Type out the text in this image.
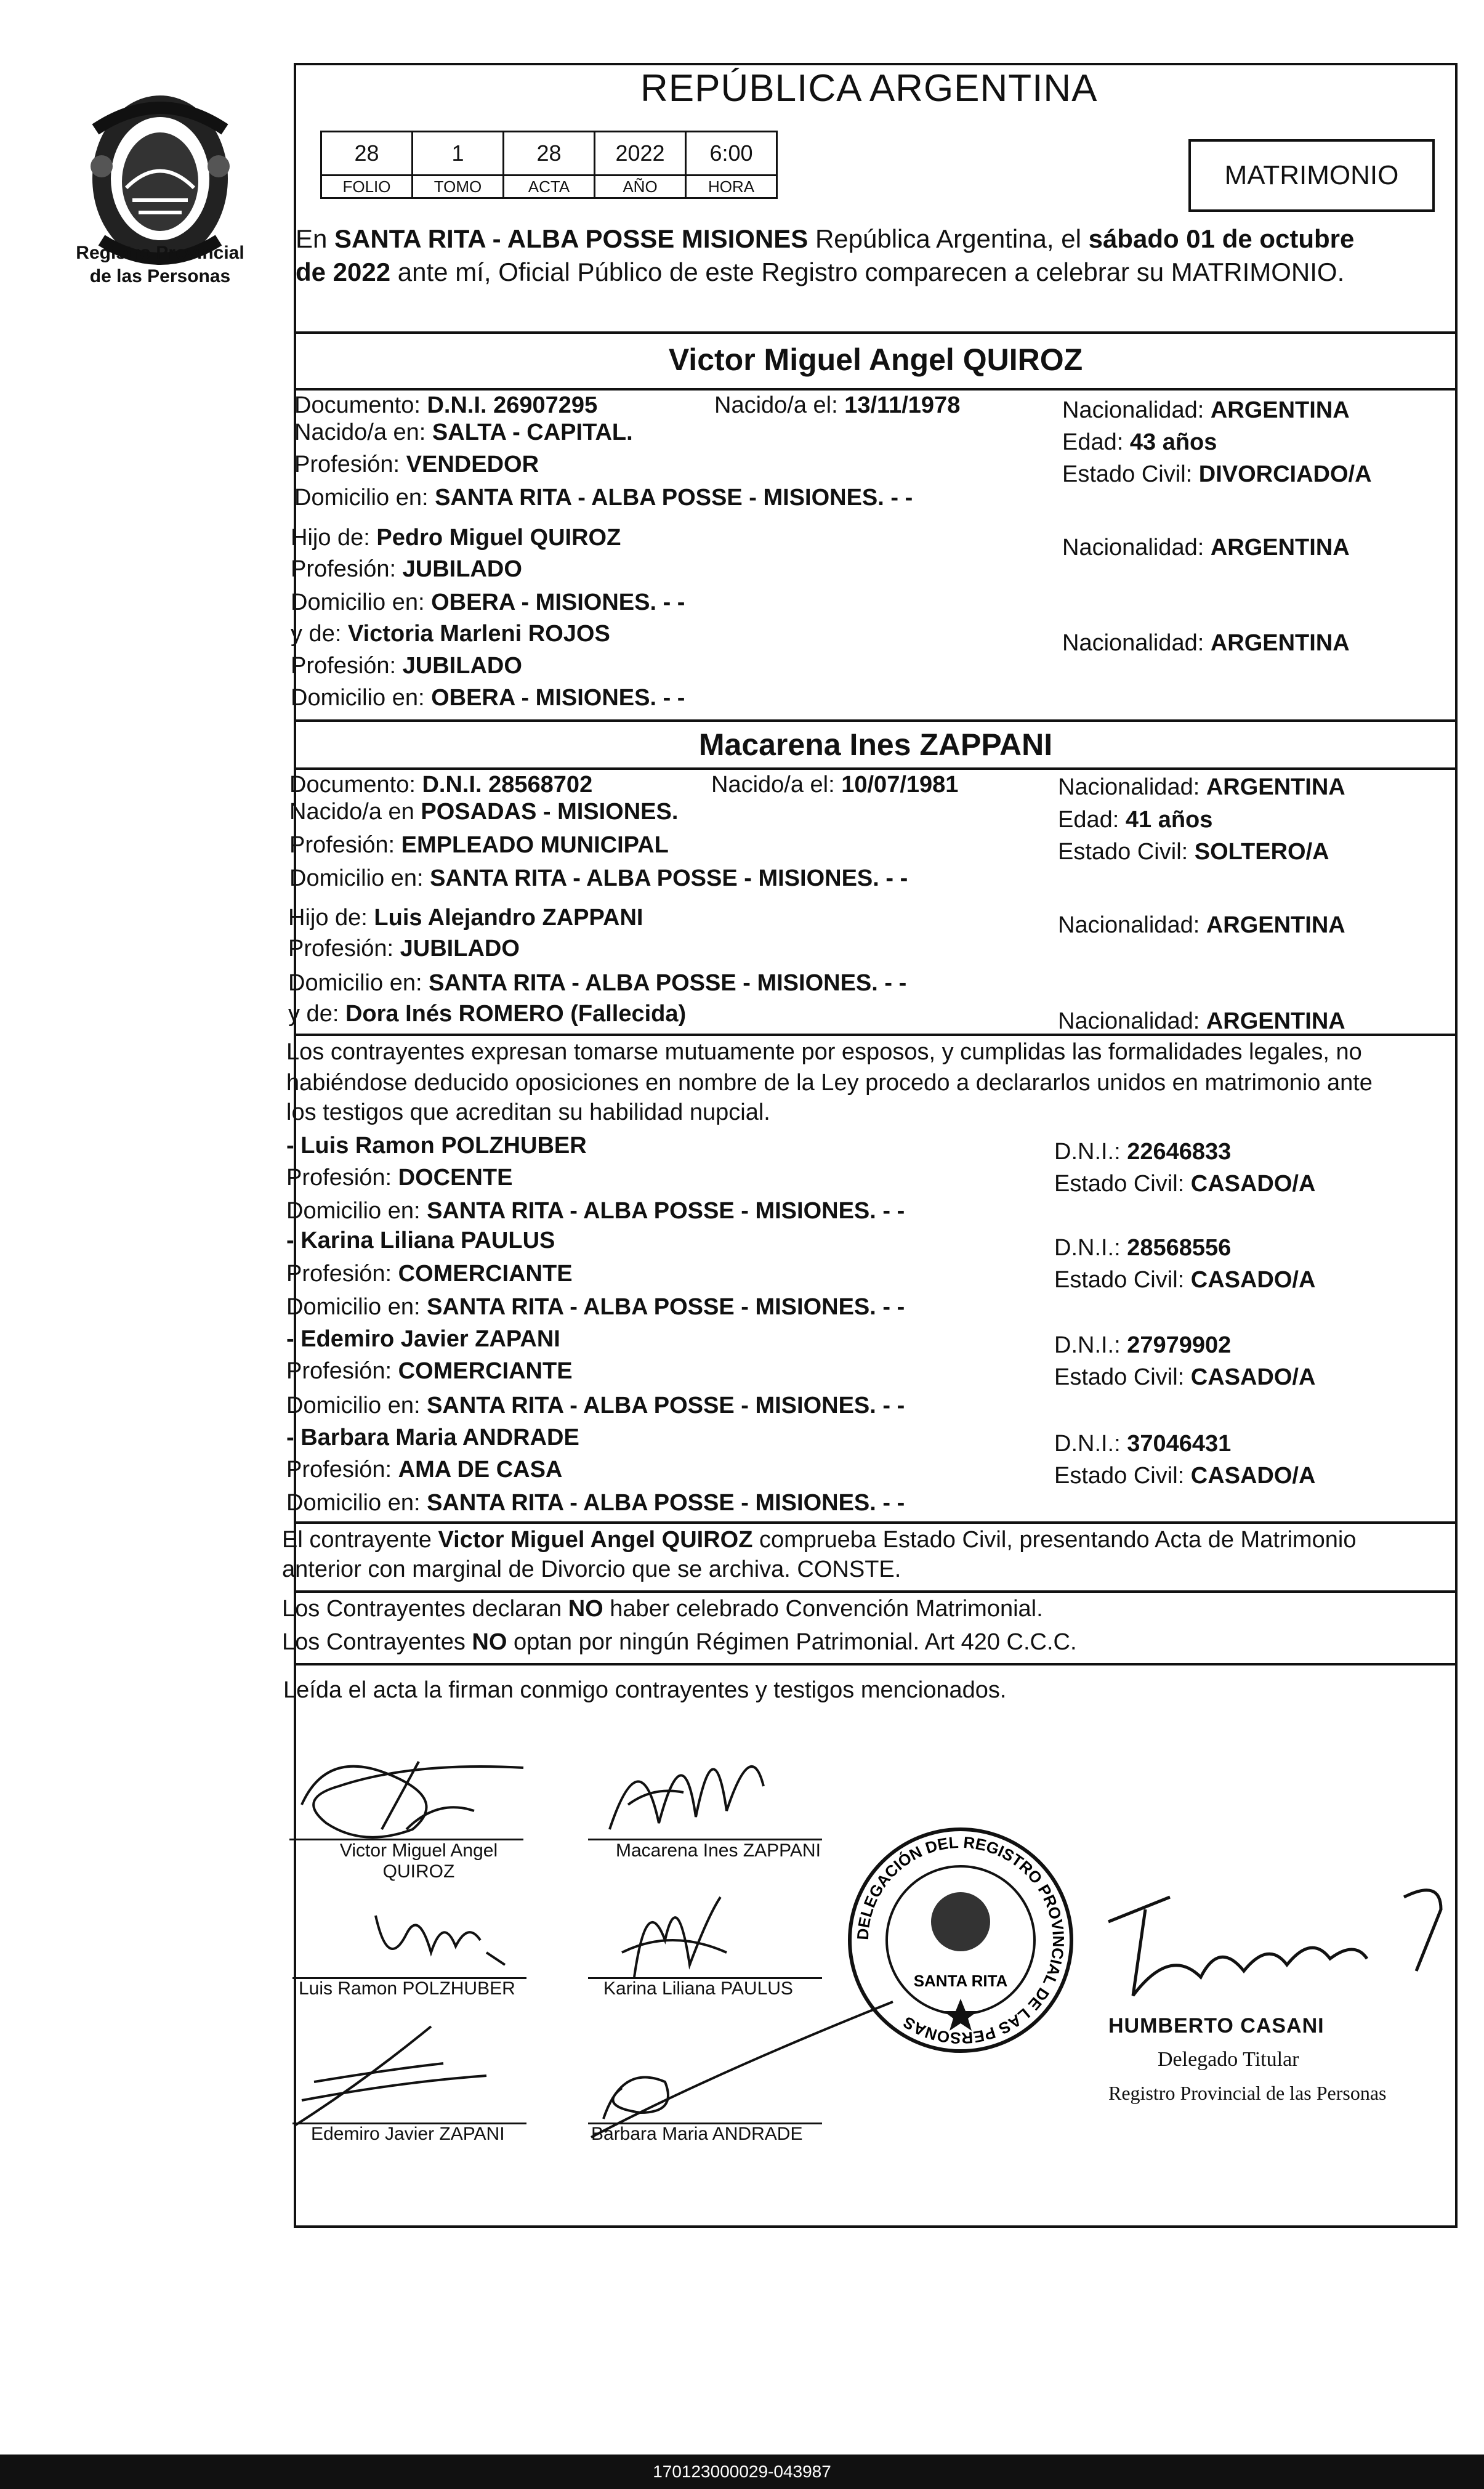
Registro Provincial
de las Personas
REPÚBLICA ARGENTINA
28	1	28	2022	6:00
FOLIO	TOMO	ACTA	AÑO	HORA	MATRIMONIO
En SANTA RITA - ALBA POSSE MISIONES República Argentina, el sábado 01 de octubre
de 2022 ante mí, Oficial Público de este Registro comparecen a celebrar su MATRIMONIO.
Victor Miguel Angel QUIROZ
Documento: D.N.I. 26907295	Nacido/a el: 13/11/1978	Nacionalidad: ARGENTINA
Nacido/a en: SALTA - CAPITAL.	Edad: 43 años
Profesión: VENDEDOR	Estado Civil: DIVORCIADO/A
Domicilio en: SANTA RITA - ALBA POSSE - MISIONES. - -
Hijo de: Pedro Miguel QUIROZ	Nacionalidad: ARGENTINA
Profesión: JUBILADO
Domicilio en: OBERA - MISIONES. - -
y de: Victoria Marleni ROJOS	Nacionalidad: ARGENTINA
Profesión: JUBILADO
Domicilio en: OBERA - MISIONES. - -
Macarena Ines ZAPPANI
Documento: D.N.I. 28568702	Nacido/a el: 10/07/1981	Nacionalidad: ARGENTINA
Nacido/a en POSADAS - MISIONES.	Edad: 41 años
Profesión: EMPLEADO MUNICIPAL	Estado Civil: SOLTERO/A
Domicilio en: SANTA RITA - ALBA POSSE - MISIONES. - -
Hijo de: Luis Alejandro ZAPPANI	Nacionalidad: ARGENTINA
Profesión: JUBILADO
Domicilio en: SANTA RITA - ALBA POSSE - MISIONES. - -
y de: Dora Inés ROMERO (Fallecida)	Nacionalidad: ARGENTINA
Los contrayentes expresan tomarse mutuamente por esposos, y cumplidas las formalidades legales, no
habiéndose deducido oposiciones en nombre de la Ley procedo a declararlos unidos en matrimonio ante
los testigos que acreditan su habilidad nupcial.
- Luis Ramon POLZHUBER	D.N.I.: 22646833
Profesión: DOCENTE	Estado Civil: CASADO/A
Domicilio en: SANTA RITA - ALBA POSSE - MISIONES. - -
- Karina Liliana PAULUS	D.N.I.: 28568556
Profesión: COMERCIANTE	Estado Civil: CASADO/A
Domicilio en: SANTA RITA - ALBA POSSE - MISIONES. - -
- Edemiro Javier ZAPANI	D.N.I.: 27979902
Profesión: COMERCIANTE	Estado Civil: CASADO/A
Domicilio en: SANTA RITA - ALBA POSSE - MISIONES. - -
- Barbara Maria ANDRADE	D.N.I.: 37046431
Profesión: AMA DE CASA	Estado Civil: CASADO/A
Domicilio en: SANTA RITA - ALBA POSSE - MISIONES. - -
El contrayente Victor Miguel Angel QUIROZ comprueba Estado Civil, presentando Acta de Matrimonio
anterior con marginal de Divorcio que se archiva. CONSTE.
Los Contrayentes declaran NO haber celebrado Convención Matrimonial.
Los Contrayentes NO optan por ningún Régimen Patrimonial. Art 420 C.C.C.
Leída el acta la firman conmigo contrayentes y testigos mencionados.
Victor Miguel Angel
QUIROZ
Macarena Ines ZAPPANI
Luis Ramon POLZHUBER	Karina Liliana PAULUS
Edemiro Javier ZAPANI	Barbara Maria ANDRADE
DELEGACIÓN DEL REGISTRO PROVINCIAL DE LAS PERSONAS
SANTA RITA
HUMBERTO CASANI
Delegado Titular
Registro Provincial de las Personas
170123000029-043987
